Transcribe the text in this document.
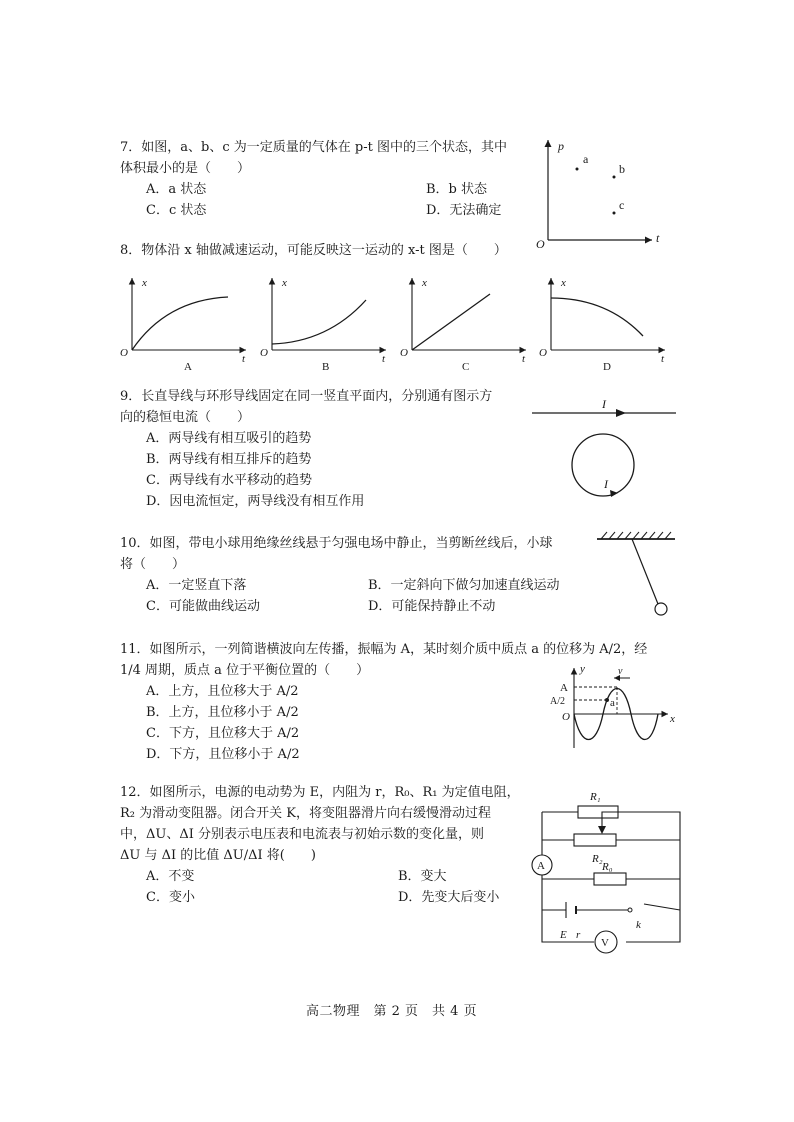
7．如图，a、b、c 为一定质量的气体在 p-t 图中的三个状态，其中
体积最小的是（　　）
A．a 状态	B．b 状态
C．c 状态	D．无法确定
p
t
O
a
b
c
8．物体沿 x 轴做减速运动，可能反映这一运动的 x-t 图是（　　）
x
t
O
A
x
t
O
B
x
t
O
C
x
t
O
D
9．长直导线与环形导线固定在同一竖直平面内，分别通有图示方
向的稳恒电流（　　）
A．两导线有相互吸引的趋势
B．两导线有相互排斥的趋势
C．两导线有水平移动的趋势
D．因电流恒定，两导线没有相互作用
I
I
10．如图，带电小球用绝缘丝线悬于匀强电场中静止，当剪断丝线后，小球
将（　　）
A．一定竖直下落	B．一定斜向下做匀加速直线运动
C．可能做曲线运动	D．可能保持静止不动
11．如图所示，一列简谐横波向左传播，振幅为 A，某时刻介质中质点 a 的位移为 A/2，经
1/4 周期，质点 a 位于平衡位置的（　　）
A．上方，且位移大于 A/2
B．上方，且位移小于 A/2
C．下方，且位移大于 A/2
D．下方，且位移小于 A/2
a
v
y
x
O
A
A/2
12．如图所示，电源的电动势为 E，内阻为 r，R₀、R₁ 为定值电阻，
R₂ 为滑动变阻器。闭合开关 K，将变阻器滑片向右缓慢滑动过程
中，ΔU、ΔI 分别表示电压表和电流表与初始示数的变化量，则
ΔU 与 ΔI 的比值 ΔU/ΔI 将(　　)
A．不变	B．变大
C．变小	D．先变大后变小
R₁
R₂
A	R₀
E r
k
V
高二物理　第 2 页　共 4 页
